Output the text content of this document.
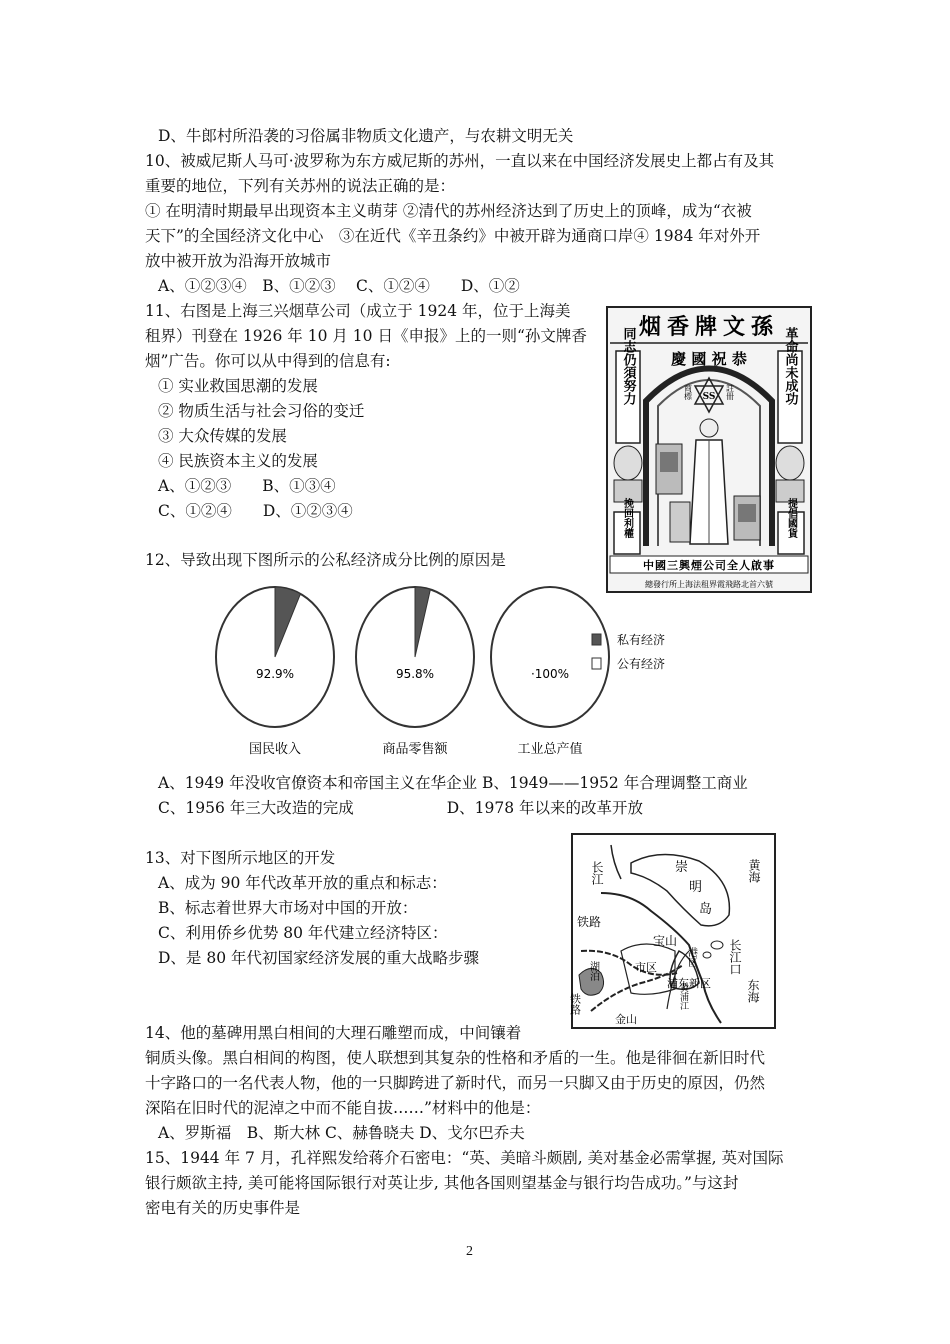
D、牛郎村所沿袭的习俗属非物质文化遗产，与农耕文明无关
10、被威尼斯人马可·波罗称为东方威尼斯的苏州，一直以来在中国经济发展史上都占有及其
重要的地位，下列有关苏州的说法正确的是：
① 在明清时期最早出现资本主义萌芽 ②清代的苏州经济达到了历史上的顶峰，成为“衣被
天下”的全国经济文化中心　③在近代《辛丑条约》中被开辟为通商口岸④ 1984 年对外开
放中被开放为沿海开放城市
A、①②③④　B、①②③　 C、①②④　　D、①②
11、右图是上海三兴烟草公司（成立于 1924 年，位于上海美
租界）刊登在 1926 年 10 月 10 日《申报》上的一则“孙文牌香
烟”广告。你可以从中得到的信息有:
① 实业救国思潮的发展
② 物质生活与社会习俗的变迁
③ 大众传媒的发展
④ 民族资本主义的发展
A、①②③　　B、①③④
C、①②④　　D、①②③④
烟香牌文孫
慶 國 祝 恭
同志仍須努力	革命尚未成功
SS
商標	註冊
挽回利權	提倡國貨
中國三興煙公司全人啟事
總發行所上海法租界霞飛路北首六號
12、导致出现下图所示的公私经济成分比例的原因是
92.9%
国民收入
95.8%
商品零售额
·100%
工业总产值
私有经济
公有经济
A、1949 年没收官僚资本和帝国主义在华企业 B、1949——1952 年合理调整工商业
C、1956 年三大改造的完成　　　　　　D、1978 年以来的改革开放
13、对下图所示地区的开发
A、成为 90 年代改革开放的重点和标志：
B、标志着世界大市场对中国的开放：
C、利用侨乡优势 80 年代建立经济特区：
D、是 80 年代初国家经济发展的重大战略步骤
长江	崇
明
岛
黄海
铁路
宝山	长江口
湖泊	市区
港区
浦东新区
黄浦江
铁路
金山
东海
14、他的墓碑用黑白相间的大理石雕塑而成，中间镶着
铜质头像。黑白相间的构图，使人联想到其复杂的性格和矛盾的一生。他是徘徊在新旧时代
十字路口的一名代表人物，他的一只脚跨进了新时代，而另一只脚又由于历史的原因，仍然
深陷在旧时代的泥淖之中而不能自拔……”材料中的他是：
A、罗斯福　B、斯大林 C、赫鲁晓夫 D、戈尔巴乔夫
15、1944 年 7 月，孔祥熙发给蒋介石密电：“英、美暗斗颇剧, 美对基金必需掌握, 英对国际
银行颇欲主持, 美可能将国际银行对英让步, 其他各国则望基金与银行均告成功。”与这封
密电有关的历史事件是
2
